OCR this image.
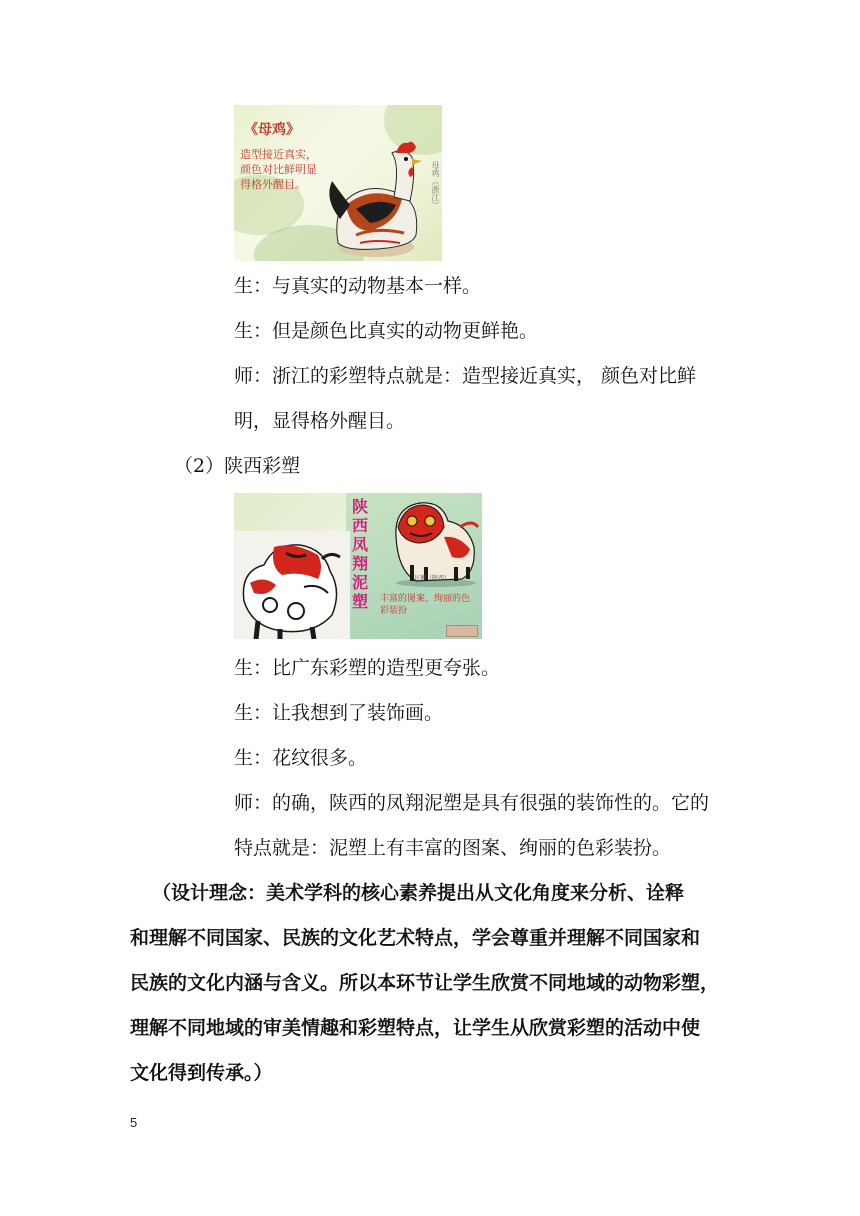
《母鸡》
造型接近真实，颜色对比鲜明显得格外醒目。	母鸡（浙江）
生：与真实的动物基本一样。
生：但是颜色比真实的动物更鲜艳。
师：浙江的彩塑特点就是：造型接近真实， 颜色对比鲜
明，显得格外醒目。
（2）陕西彩塑
陕西凤翔泥塑
瓦狮（陕西）
丰富的图案、绚丽的色彩装扮
生：比广东彩塑的造型更夸张。
生：让我想到了装饰画。
生：花纹很多。
师：的确，陕西的凤翔泥塑是具有很强的装饰性的。它的
特点就是：泥塑上有丰富的图案、绚丽的色彩装扮。
（设计理念：美术学科的核心素养提出从文化角度来分析、诠释
和理解不同国家、民族的文化艺术特点，学会尊重并理解不同国家和
民族的文化内涵与含义。所以本环节让学生欣赏不同地域的动物彩塑，
理解不同地域的审美情趣和彩塑特点，让学生从欣赏彩塑的活动中使
文化得到传承。）
5
